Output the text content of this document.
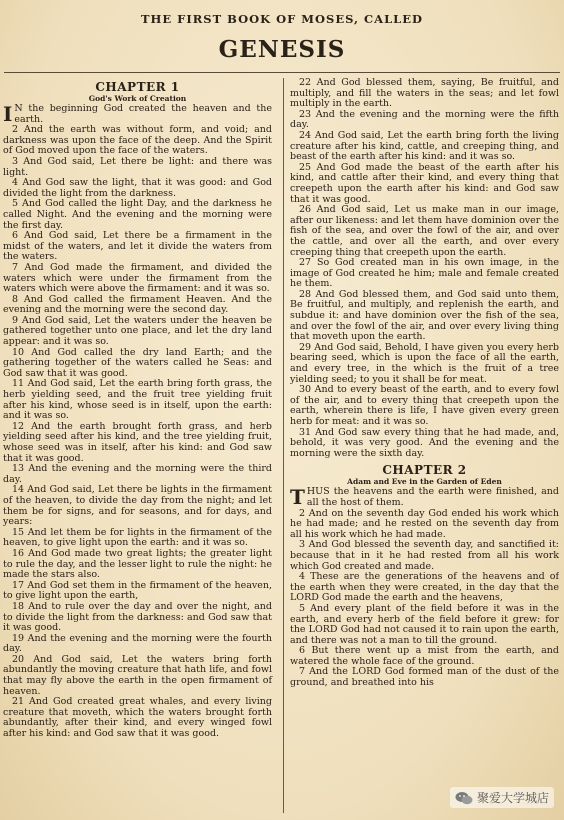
THE FIRST BOOK OF MOSES, CALLED
GENESIS
CHAPTER 1
God's Work of Creation

I N the beginning God created the heaven and the earth.

2 And the earth was without form, and void; and darkness was upon the face of the deep. And the Spirit of God moved upon the face of the waters.

3 And God said, Let there be light: and there was light.

4 And God saw the light, that it was good: and God divided the light from the darkness.

5 And God called the light Day, and the darkness he called Night. And the evening and the morning were the first day.

6 And God said, Let there be a firmament in the midst of the waters, and let it divide the waters from the waters.

7 And God made the firmament, and divided the waters which were under the firmament from the waters which were above the firmament: and it was so.

8 And God called the firmament Heaven. And the evening and the morning were the second day.

9 And God said, Let the waters under the heaven be gathered together unto one place, and let the dry land appear: and it was so.

10 And God called the dry land Earth; and the gathering together of the waters called he Seas: and God saw that it was good.

11 And God said, Let the earth bring forth grass, the herb yielding seed, and the fruit tree yielding fruit after his kind, whose seed is in itself, upon the earth: and it was so.

12 And the earth brought forth grass, and herb yielding seed after his kind, and the tree yielding fruit, whose seed was in itself, after his kind: and God saw that it was good.

13 And the evening and the morning were the third day.

14 And God said, Let there be lights in the firmament of the heaven, to divide the day from the night; and let them be for signs, and for seasons, and for days, and years:

15 And let them be for lights in the firmament of the heaven, to give light upon the earth: and it was so.

16 And God made two great lights; the greater light to rule the day, and the lesser light to rule the night: he made the stars also.

17 And God set them in the firmament of the heaven, to give light upon the earth,

18 And to rule over the day and over the night, and to divide the light from the darkness: and God saw that it was good.

19 And the evening and the morning were the fourth day.

20 And God said, Let the waters bring forth abundantly the moving creature that hath life, and fowl that may fly above the earth in the open firmament of heaven.

21 And God created great whales, and every living creature that moveth, which the waters brought forth abundantly, after their kind, and every winged fowl after his kind: and God saw that it was good.

22 And God blessed them, saying, Be fruitful, and multiply, and fill the waters in the seas; and let fowl multiply in the earth.

23 And the evening and the morning were the fifth day.

24 And God said, Let the earth bring forth the living creature after his kind, cattle, and creeping thing, and beast of the earth after his kind: and it was so.

25 And God made the beast of the earth after his kind, and cattle after their kind, and every thing that creepeth upon the earth after his kind: and God saw that it was good.

26 And God said, Let us make man in our image, after our likeness: and let them have dominion over the fish of the sea, and over the fowl of the air, and over the cattle, and over all the earth, and over every creeping thing that creepeth upon the earth.

27 So God created man in his own image, in the image of God created he him; male and female created he them.

28 And God blessed them, and God said unto them, Be fruitful, and multiply, and replenish the earth, and subdue it: and have dominion over the fish of the sea, and over the fowl of the air, and over every living thing that moveth upon the earth.

29 And God said, Behold, I have given you every herb bearing seed, which is upon the face of all the earth, and every tree, in the which is the fruit of a tree yielding seed; to you it shall be for meat.

30 And to every beast of the earth, and to every fowl of the air, and to every thing that creepeth upon the earth, wherein there is life, I have given every green herb for meat: and it was so.

31 And God saw every thing that he had made, and, behold, it was very good. And the evening and the morning were the sixth day.

CHAPTER 2
Adam and Eve in the Garden of Eden

THUS the heavens and the earth were finished, and all the host of them.

2 And on the seventh day God ended his work which he had made; and he rested on the seventh day from all his work which he had made.

3 And God blessed the seventh day, and sanctified it: because that in it he had rested from all his work which God created and made.

4 These are the generations of the heavens and of the earth when they were created, in the day that the LORD God made the earth and the heavens,

5 And every plant of the field before it was in the earth, and every herb of the field before it grew: for the LORD God had not caused it to rain upon the earth, and there was not a man to till the ground.

6 But there went up a mist from the earth, and watered the whole face of the ground.

7 And the LORD God formed man of the dust of the ground, and breathed into his

聚爱大学城店
